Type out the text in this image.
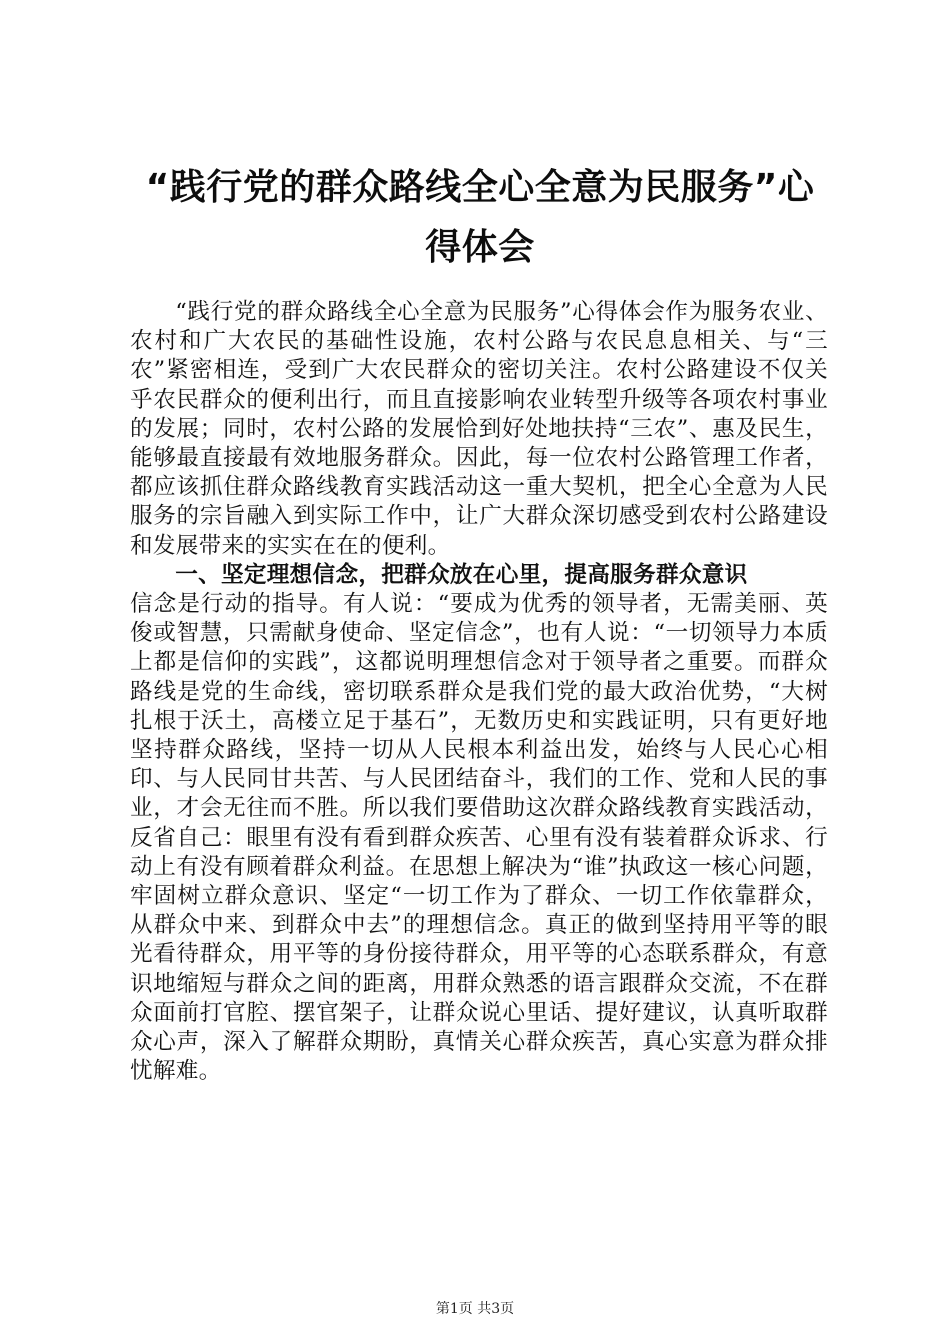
“践行党的群众路线全心全意为民服务”心得体会

“践行党的群众路线全心全意为民服务”心得体会作为服务农业、农村和广大农民的基础性设施，农村公路与农民息息相关、与“三农”紧密相连，受到广大农民群众的密切关注。农村公路建设不仅关乎农民群众的便利出行，而且直接影响农业转型升级等各项农村事业的发展；同时，农村公路的发展恰到好处地扶持“三农”、惠及民生，能够最直接最有效地服务群众。因此，每一位农村公路管理工作者，都应该抓住群众路线教育实践活动这一重大契机，把全心全意为人民服务的宗旨融入到实际工作中，让广大群众深切感受到农村公路建设和发展带来的实实在在的便利。

一、坚定理想信念，把群众放在心里，提高服务群众意识

信念是行动的指导。有人说：“要成为优秀的领导者，无需美丽、英俊或智慧，只需献身使命、坚定信念”，也有人说：“一切领导力本质上都是信仰的实践”，这都说明理想信念对于领导者之重要。而群众路线是党的生命线，密切联系群众是我们党的最大政治优势，“大树扎根于沃土，高楼立足于基石”，无数历史和实践证明，只有更好地坚持群众路线，坚持一切从人民根本利益出发，始终与人民心心相印、与人民同甘共苦、与人民团结奋斗，我们的工作、党和人民的事业，才会无往而不胜。所以我们要借助这次群众路线教育实践活动，反省自己：眼里有没有看到群众疾苦、心里有没有装着群众诉求、行动上有没有顾着群众利益。在思想上解决为“谁”执政这一核心问题，牢固树立群众意识、坚定“一切工作为了群众、一切工作依靠群众，从群众中来、到群众中去”的理想信念。真正的做到坚持用平等的眼光看待群众，用平等的身份接待群众，用平等的心态联系群众，有意识地缩短与群众之间的距离，用群众熟悉的语言跟群众交流，不在群众面前打官腔、摆官架子，让群众说心里话、提好建议，认真听取群众心声，深入了解群众期盼，真情关心群众疾苦，真心实意为群众排忧解难。

第1页 共3页
